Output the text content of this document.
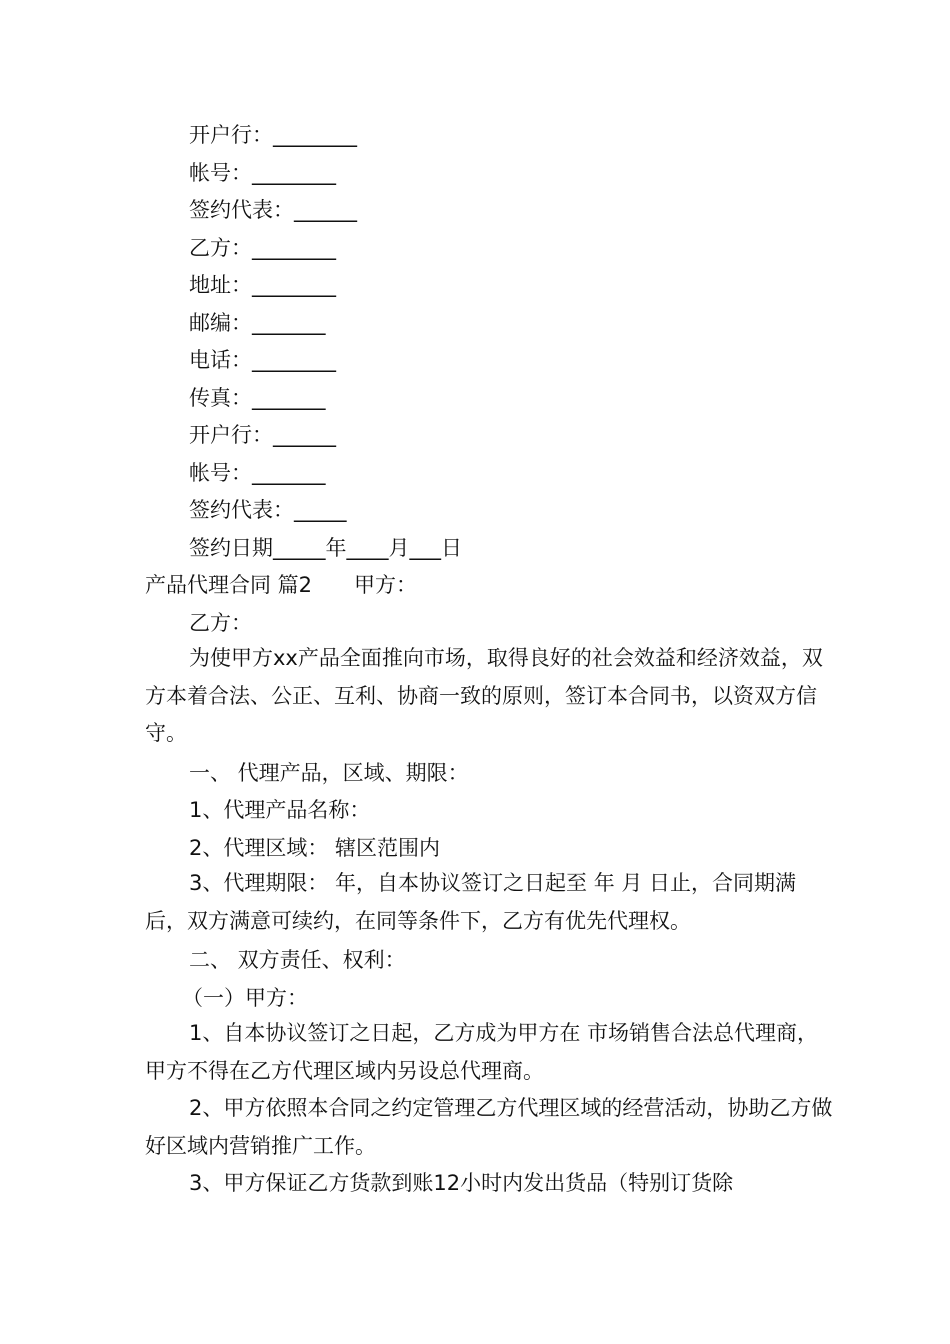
开户行：________
帐号：________
签约代表：______
乙方：________
地址：________
邮编：_______
电话：________
传真：_______
开户行：______
帐号：_______
签约代表：_____
签约日期_____年____月___日
产品代理合同 篇2 甲方：
乙方：
为使甲方xx产品全面推向市场，取得良好的社会效益和经济效益，双方本着合法、公正、互利、协商一致的原则，签订本合同书，以资双方信守。
一、 代理产品，区域、期限：
1、代理产品名称：
2、代理区域： 辖区范围内
3、代理期限： 年，自本协议签订之日起至 年 月 日止，合同期满后，双方满意可续约，在同等条件下，乙方有优先代理权。
二、 双方责任、权利：
（一）甲方：
1、自本协议签订之日起，乙方成为甲方在 市场销售合法总代理商，甲方不得在乙方代理区域内另设总代理商。
2、甲方依照本合同之约定管理乙方代理区域的经营活动，协助乙方做好区域内营销推广工作。
3、甲方保证乙方货款到账12小时内发出货品（特别订货除
